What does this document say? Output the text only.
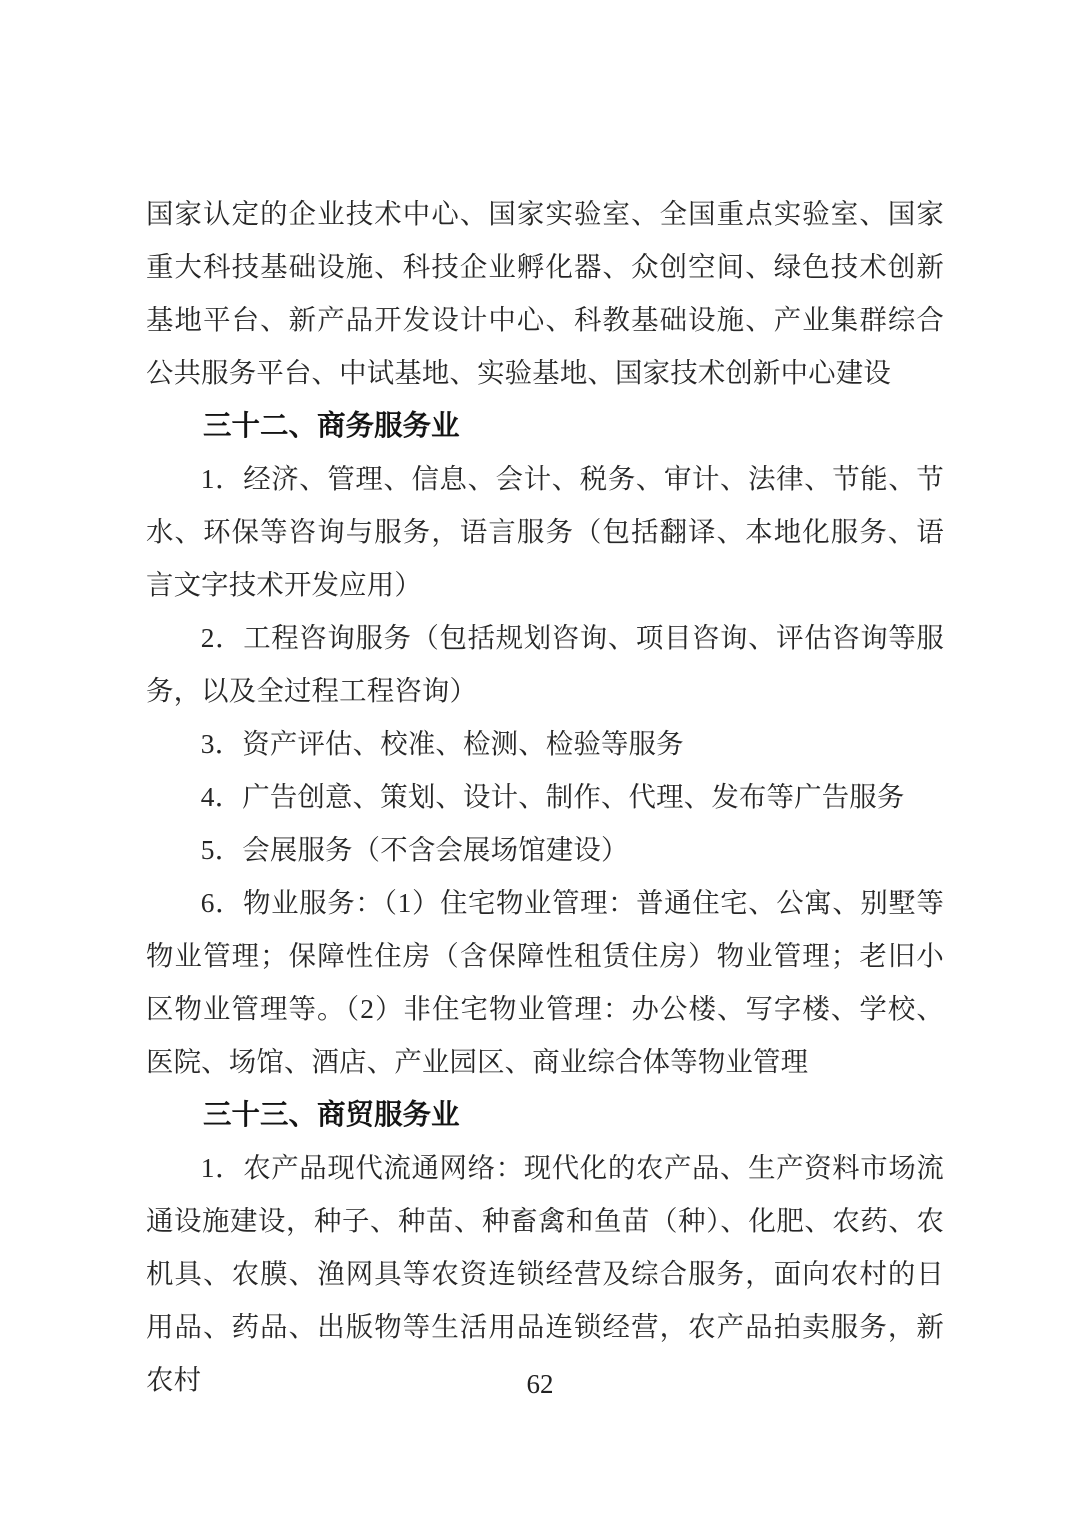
国家认定的企业技术中心、国家实验室、全国重点实验室、国家重大科技基础设施、科技企业孵化器、众创空间、绿色技术创新基地平台、新产品开发设计中心、科教基础设施、产业集群综合公共服务平台、中试基地、实验基地、国家技术创新中心建设

三十二、商务服务业

1．经济、管理、信息、会计、税务、审计、法律、节能、节水、环保等咨询与服务，语言服务（包括翻译、本地化服务、语言文字技术开发应用）

2．工程咨询服务（包括规划咨询、项目咨询、评估咨询等服务，以及全过程工程咨询）

3．资产评估、校准、检测、检验等服务

4．广告创意、策划、设计、制作、代理、发布等广告服务

5．会展服务（不含会展场馆建设）

6．物业服务：（1）住宅物业管理：普通住宅、公寓、别墅等物业管理；保障性住房（含保障性租赁住房）物业管理；老旧小区物业管理等。（2）非住宅物业管理：办公楼、写字楼、学校、医院、场馆、酒店、产业园区、商业综合体等物业管理

三十三、商贸服务业

1．农产品现代流通网络：现代化的农产品、生产资料市场流通设施建设，种子、种苗、种畜禽和鱼苗（种）、化肥、农药、农机具、农膜、渔网具等农资连锁经营及综合服务，面向农村的日用品、药品、出版物等生活用品连锁经营，农产品拍卖服务，新农村	62
